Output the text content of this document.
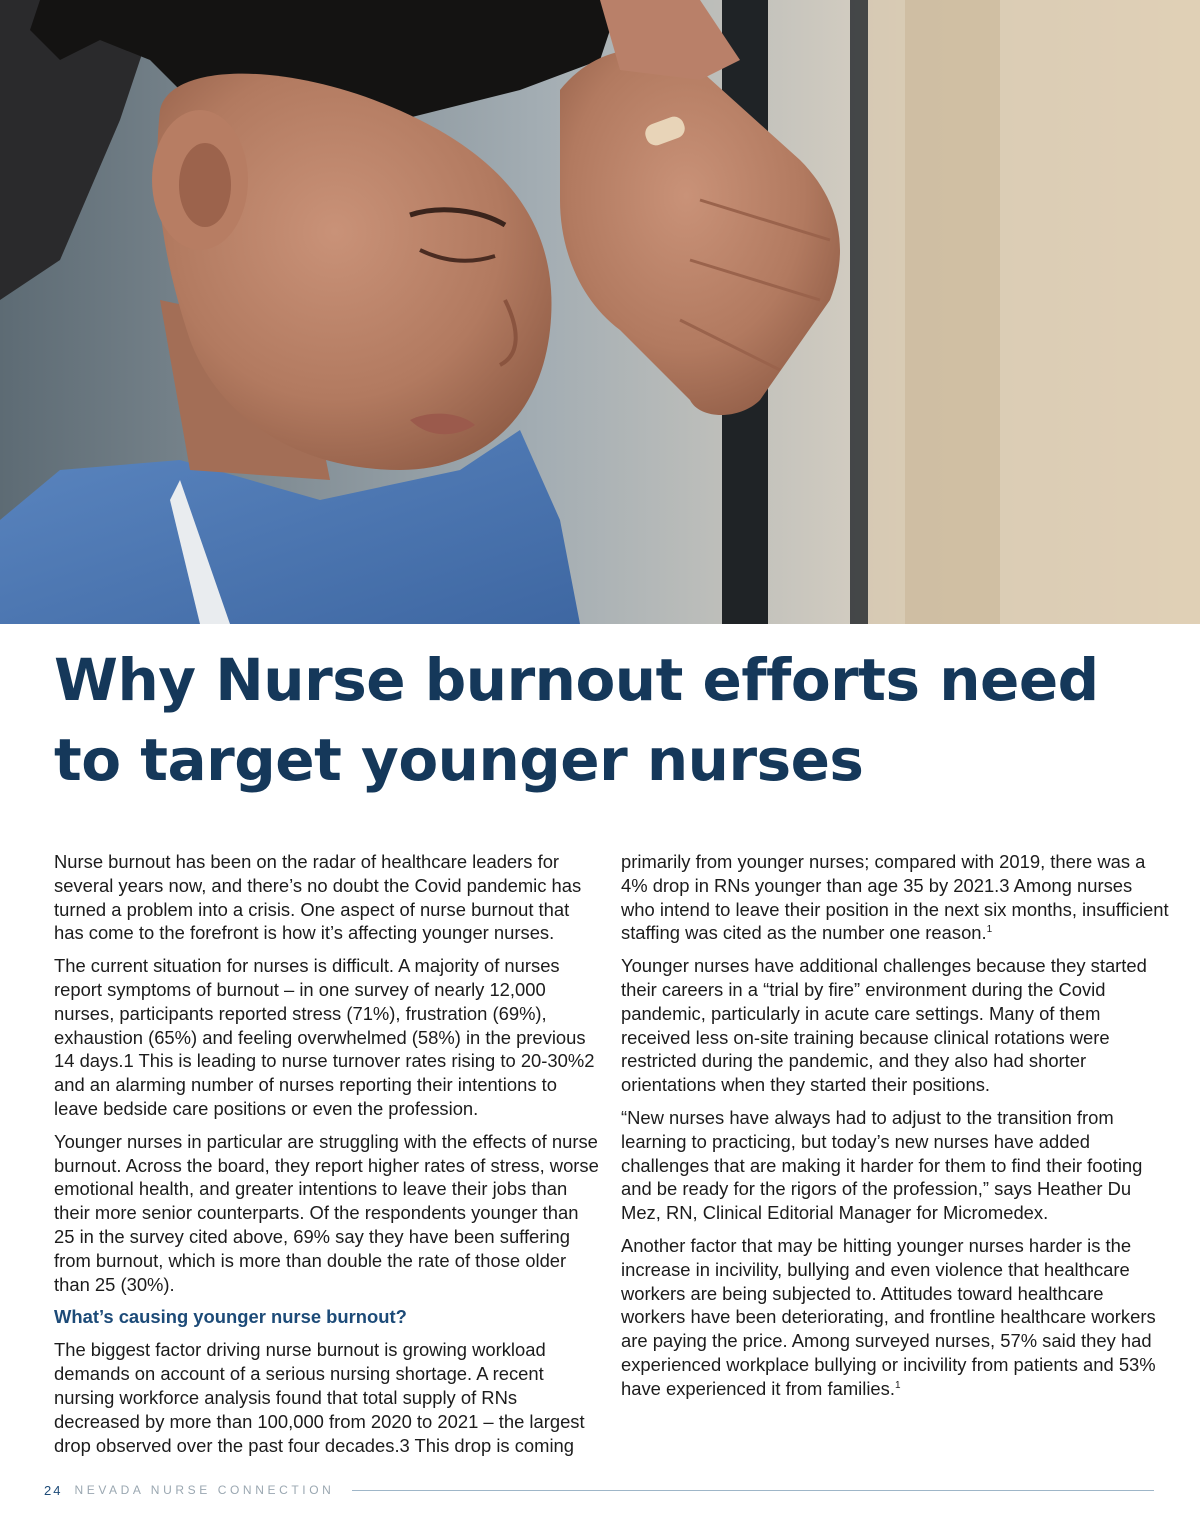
Why Nurse burnout efforts need to target younger nurses

Nurse burnout has been on the radar of healthcare leaders for several years now, and there’s no doubt the Covid pandemic has turned a problem into a crisis. One aspect of nurse burnout that has come to the forefront is how it’s affecting younger nurses.

The current situation for nurses is difficult. A majority of nurses report symptoms of burnout – in one survey of nearly 12,000 nurses, participants reported stress (71%), frustration (69%), exhaustion (65%) and feeling overwhelmed (58%) in the previous 14 days.1 This is leading to nurse turnover rates rising to 20-30%2 and an alarming number of nurses reporting their intentions to leave bedside care positions or even the profession.

Younger nurses in particular are struggling with the effects of nurse burnout. Across the board, they report higher rates of stress, worse emotional health, and greater intentions to leave their jobs than their more senior counterparts. Of the respondents younger than 25 in the survey cited above, 69% say they have been suffering from burnout, which is more than double the rate of those older than 25 (30%).

What’s causing younger nurse burnout?

The biggest factor driving nurse burnout is growing workload demands on account of a serious nursing shortage. A recent nursing workforce analysis found that total supply of RNs decreased by more than 100,000 from 2020 to 2021 – the largest drop observed over the past four decades.3 This drop is coming

primarily from younger nurses; compared with 2019, there was a 4% drop in RNs younger than age 35 by 2021.3 Among nurses who intend to leave their position in the next six months, insufficient staffing was cited as the number one reason.$^1$

Younger nurses have additional challenges because they started their careers in a “trial by fire” environment during the Covid pandemic, particularly in acute care settings. Many of them received less on-site training because clinical rotations were restricted during the pandemic, and they also had shorter orientations when they started their positions.

“New nurses have always had to adjust to the transition from learning to practicing, but today’s new nurses have added challenges that are making it harder for them to find their footing and be ready for the rigors of the profession,” says Heather Du Mez, RN, Clinical Editorial Manager for Micromedex.

Another factor that may be hitting younger nurses harder is the increase in incivility, bullying and even violence that healthcare workers are being subjected to. Attitudes toward healthcare workers have been deteriorating, and frontline healthcare workers are paying the price. Among surveyed nurses, 57% said they had experienced workplace bullying or incivility from patients and 53% have experienced it from families.$^1$

24 NEVADA NURSE CONNECTION
